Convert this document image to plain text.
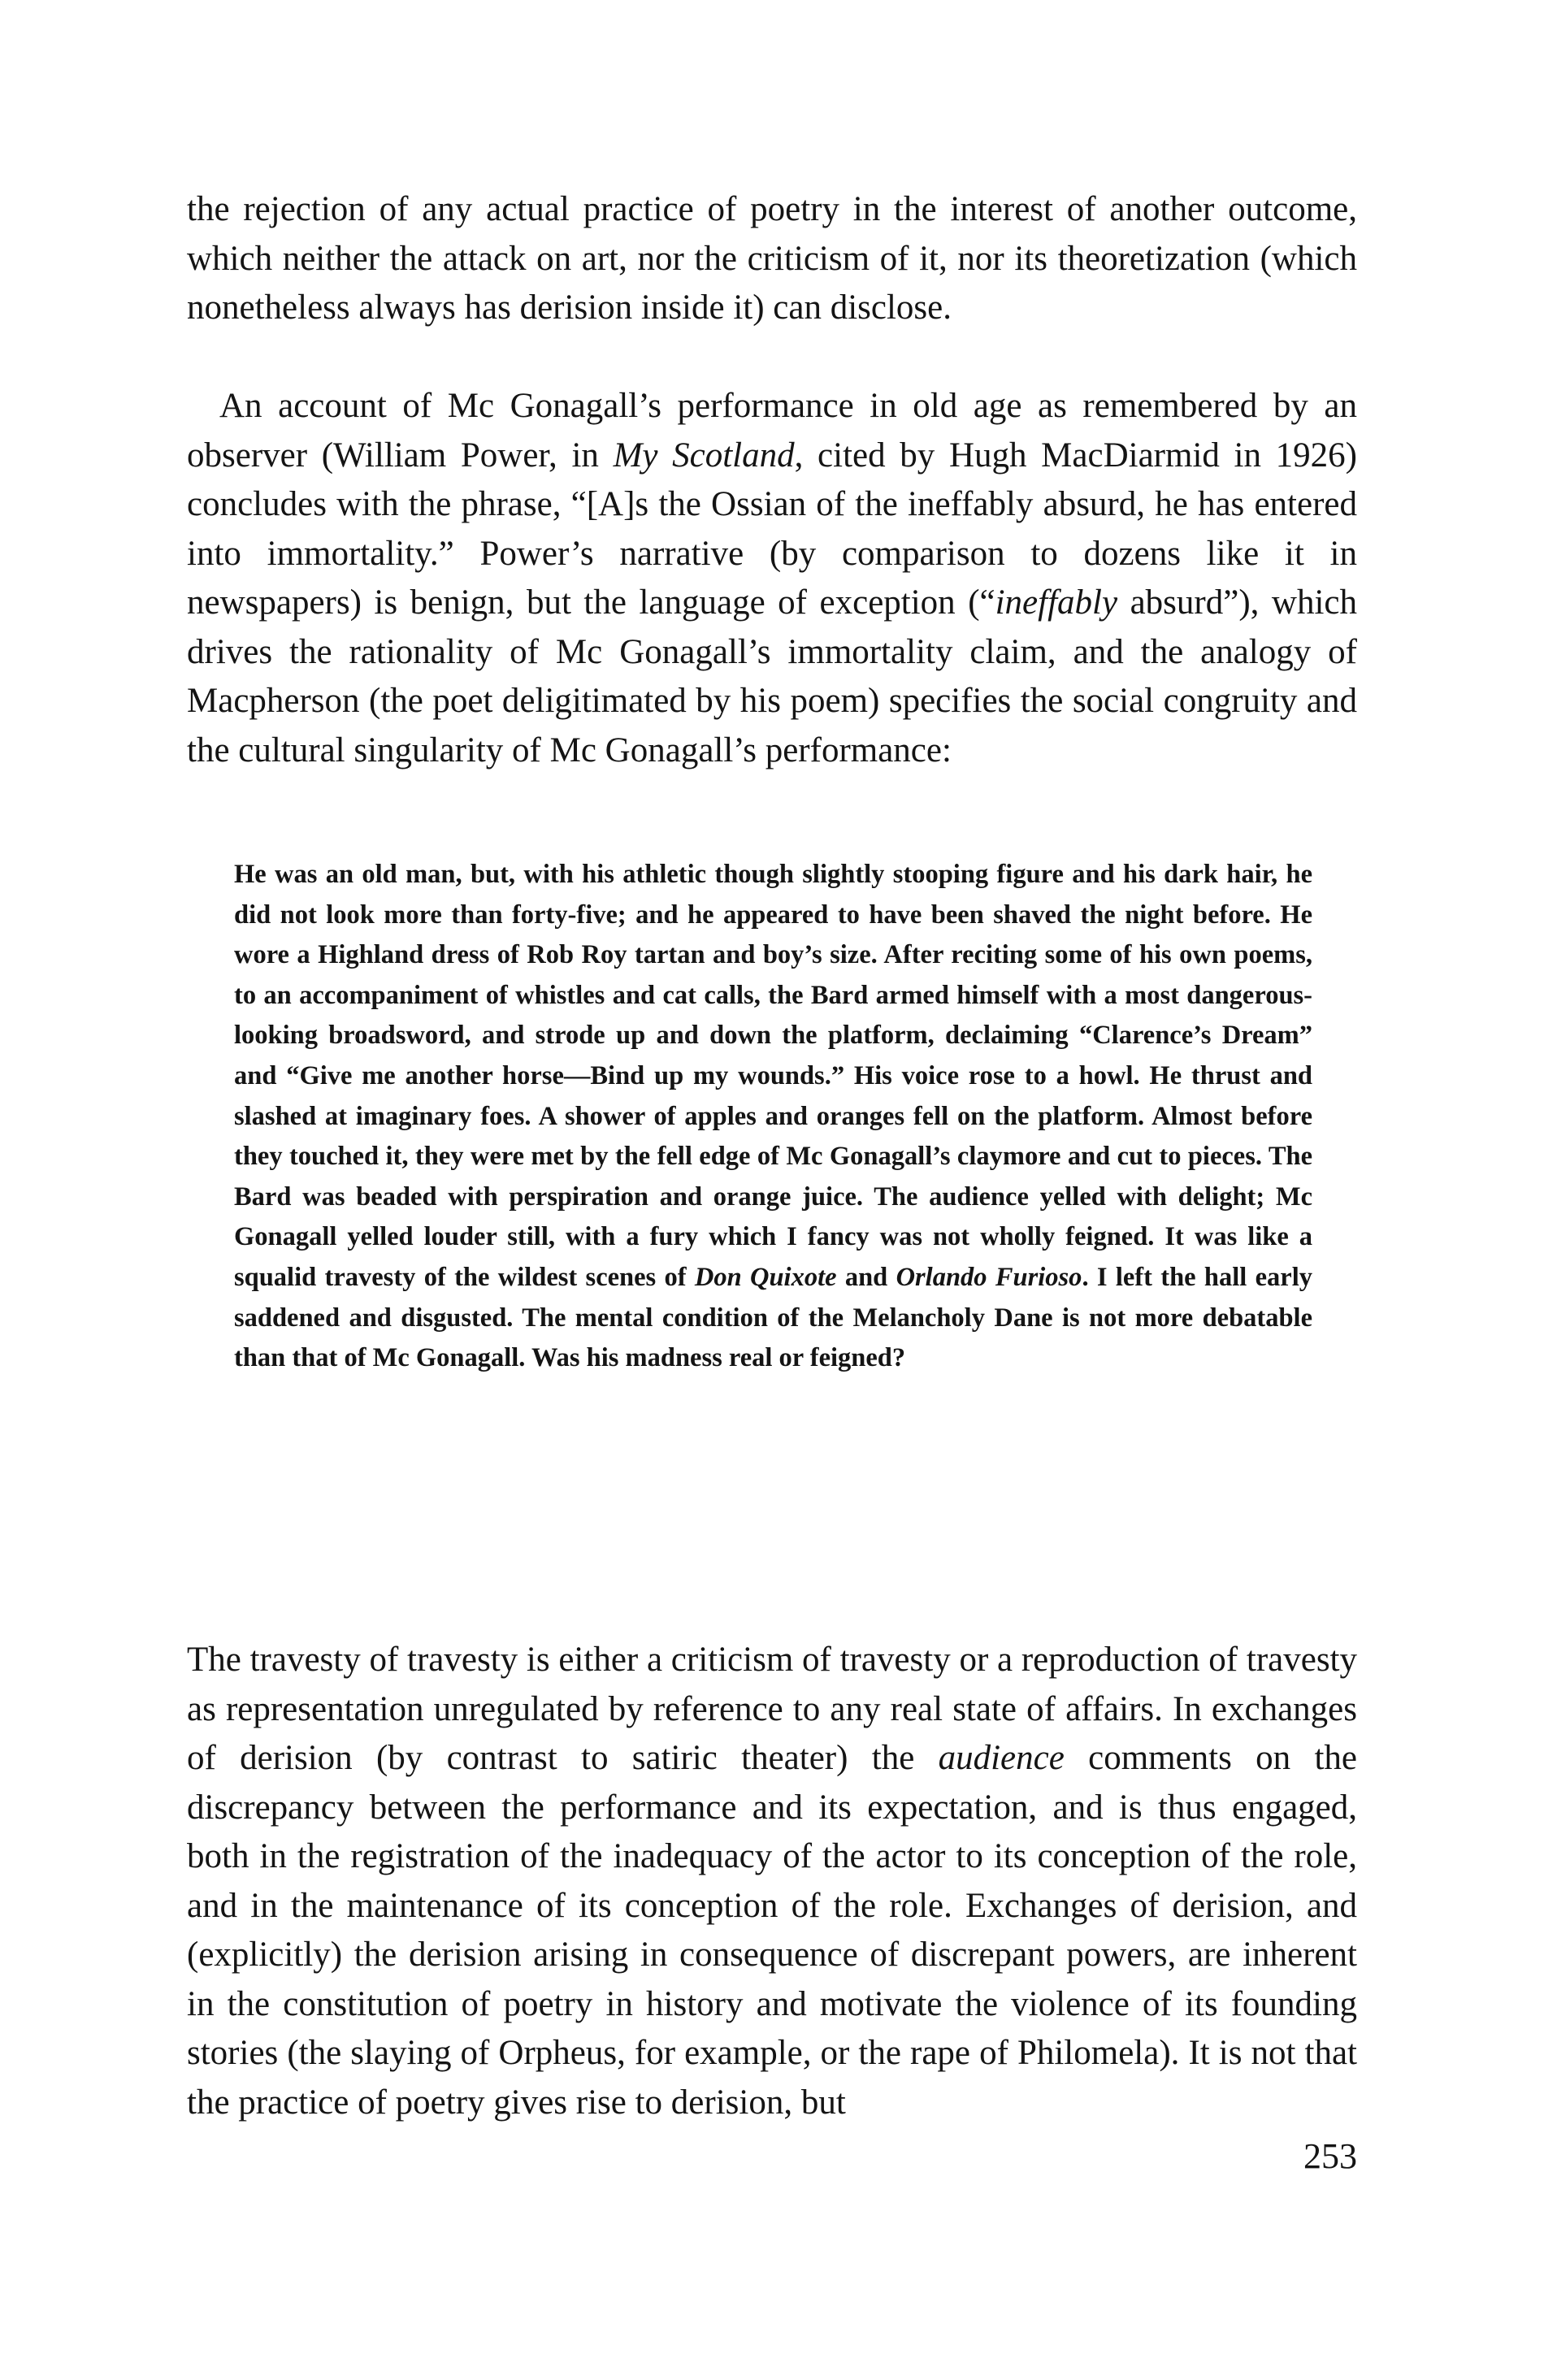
the rejection of any actual practice of poetry in the interest of another outcome, which neither the attack on art, nor the criticism of it, nor its theoretization (which nonetheless always has derision inside it) can disclose.

An account of Mc Gonagall’s performance in old age as remembered by an observer (William Power, in My Scotland, cited by Hugh MacDiarmid in 1926) concludes with the phrase, “[A]s the Ossian of the ineffably absurd, he has entered into immortality.” Power’s narrative (by comparison to dozens like it in newspapers) is benign, but the language of exception (“ineffably absurd”), which drives the rationality of Mc Gonagall’s immortality claim, and the analogy of Macpherson (the poet deligitimated by his poem) specifies the social congruity and the cultural singularity of Mc Gonagall’s performance:

He was an old man, but, with his athletic though slightly stooping figure and his dark hair, he did not look more than forty-five; and he appeared to have been shaved the night before. He wore a Highland dress of Rob Roy tartan and boy’s size. After reciting some of his own poems, to an accompaniment of whistles and cat calls, the Bard armed himself with a most dangerous-looking broadsword, and strode up and down the platform, declaiming “Clarence’s Dream” and “Give me another horse—Bind up my wounds.” His voice rose to a howl. He thrust and slashed at imaginary foes. A shower of apples and oranges fell on the platform. Almost before they touched it, they were met by the fell edge of Mc Gonagall’s claymore and cut to pieces. The Bard was beaded with perspiration and orange juice. The audience yelled with delight; Mc Gonagall yelled louder still, with a fury which I fancy was not wholly feigned. It was like a squalid travesty of the wildest scenes of Don Quixote and Orlando Furioso. I left the hall early saddened and disgusted. The mental condition of the Melancholy Dane is not more debatable than that of Mc Gonagall. Was his madness real or feigned?

The travesty of travesty is either a criticism of travesty or a reproduction of travesty as representation unregulated by reference to any real state of affairs. In exchanges of derision (by contrast to satiric theater) the audience comments on the discrepancy between the performance and its expectation, and is thus engaged, both in the registration of the inadequacy of the actor to its conception of the role, and in the maintenance of its conception of the role. Exchanges of derision, and (explicitly) the derision arising in consequence of discrepant powers, are inherent in the constitution of poetry in history and motivate the violence of its founding stories (the slaying of Orpheus, for example, or the rape of Philomela). It is not that the practice of poetry gives rise to derision, but

253
